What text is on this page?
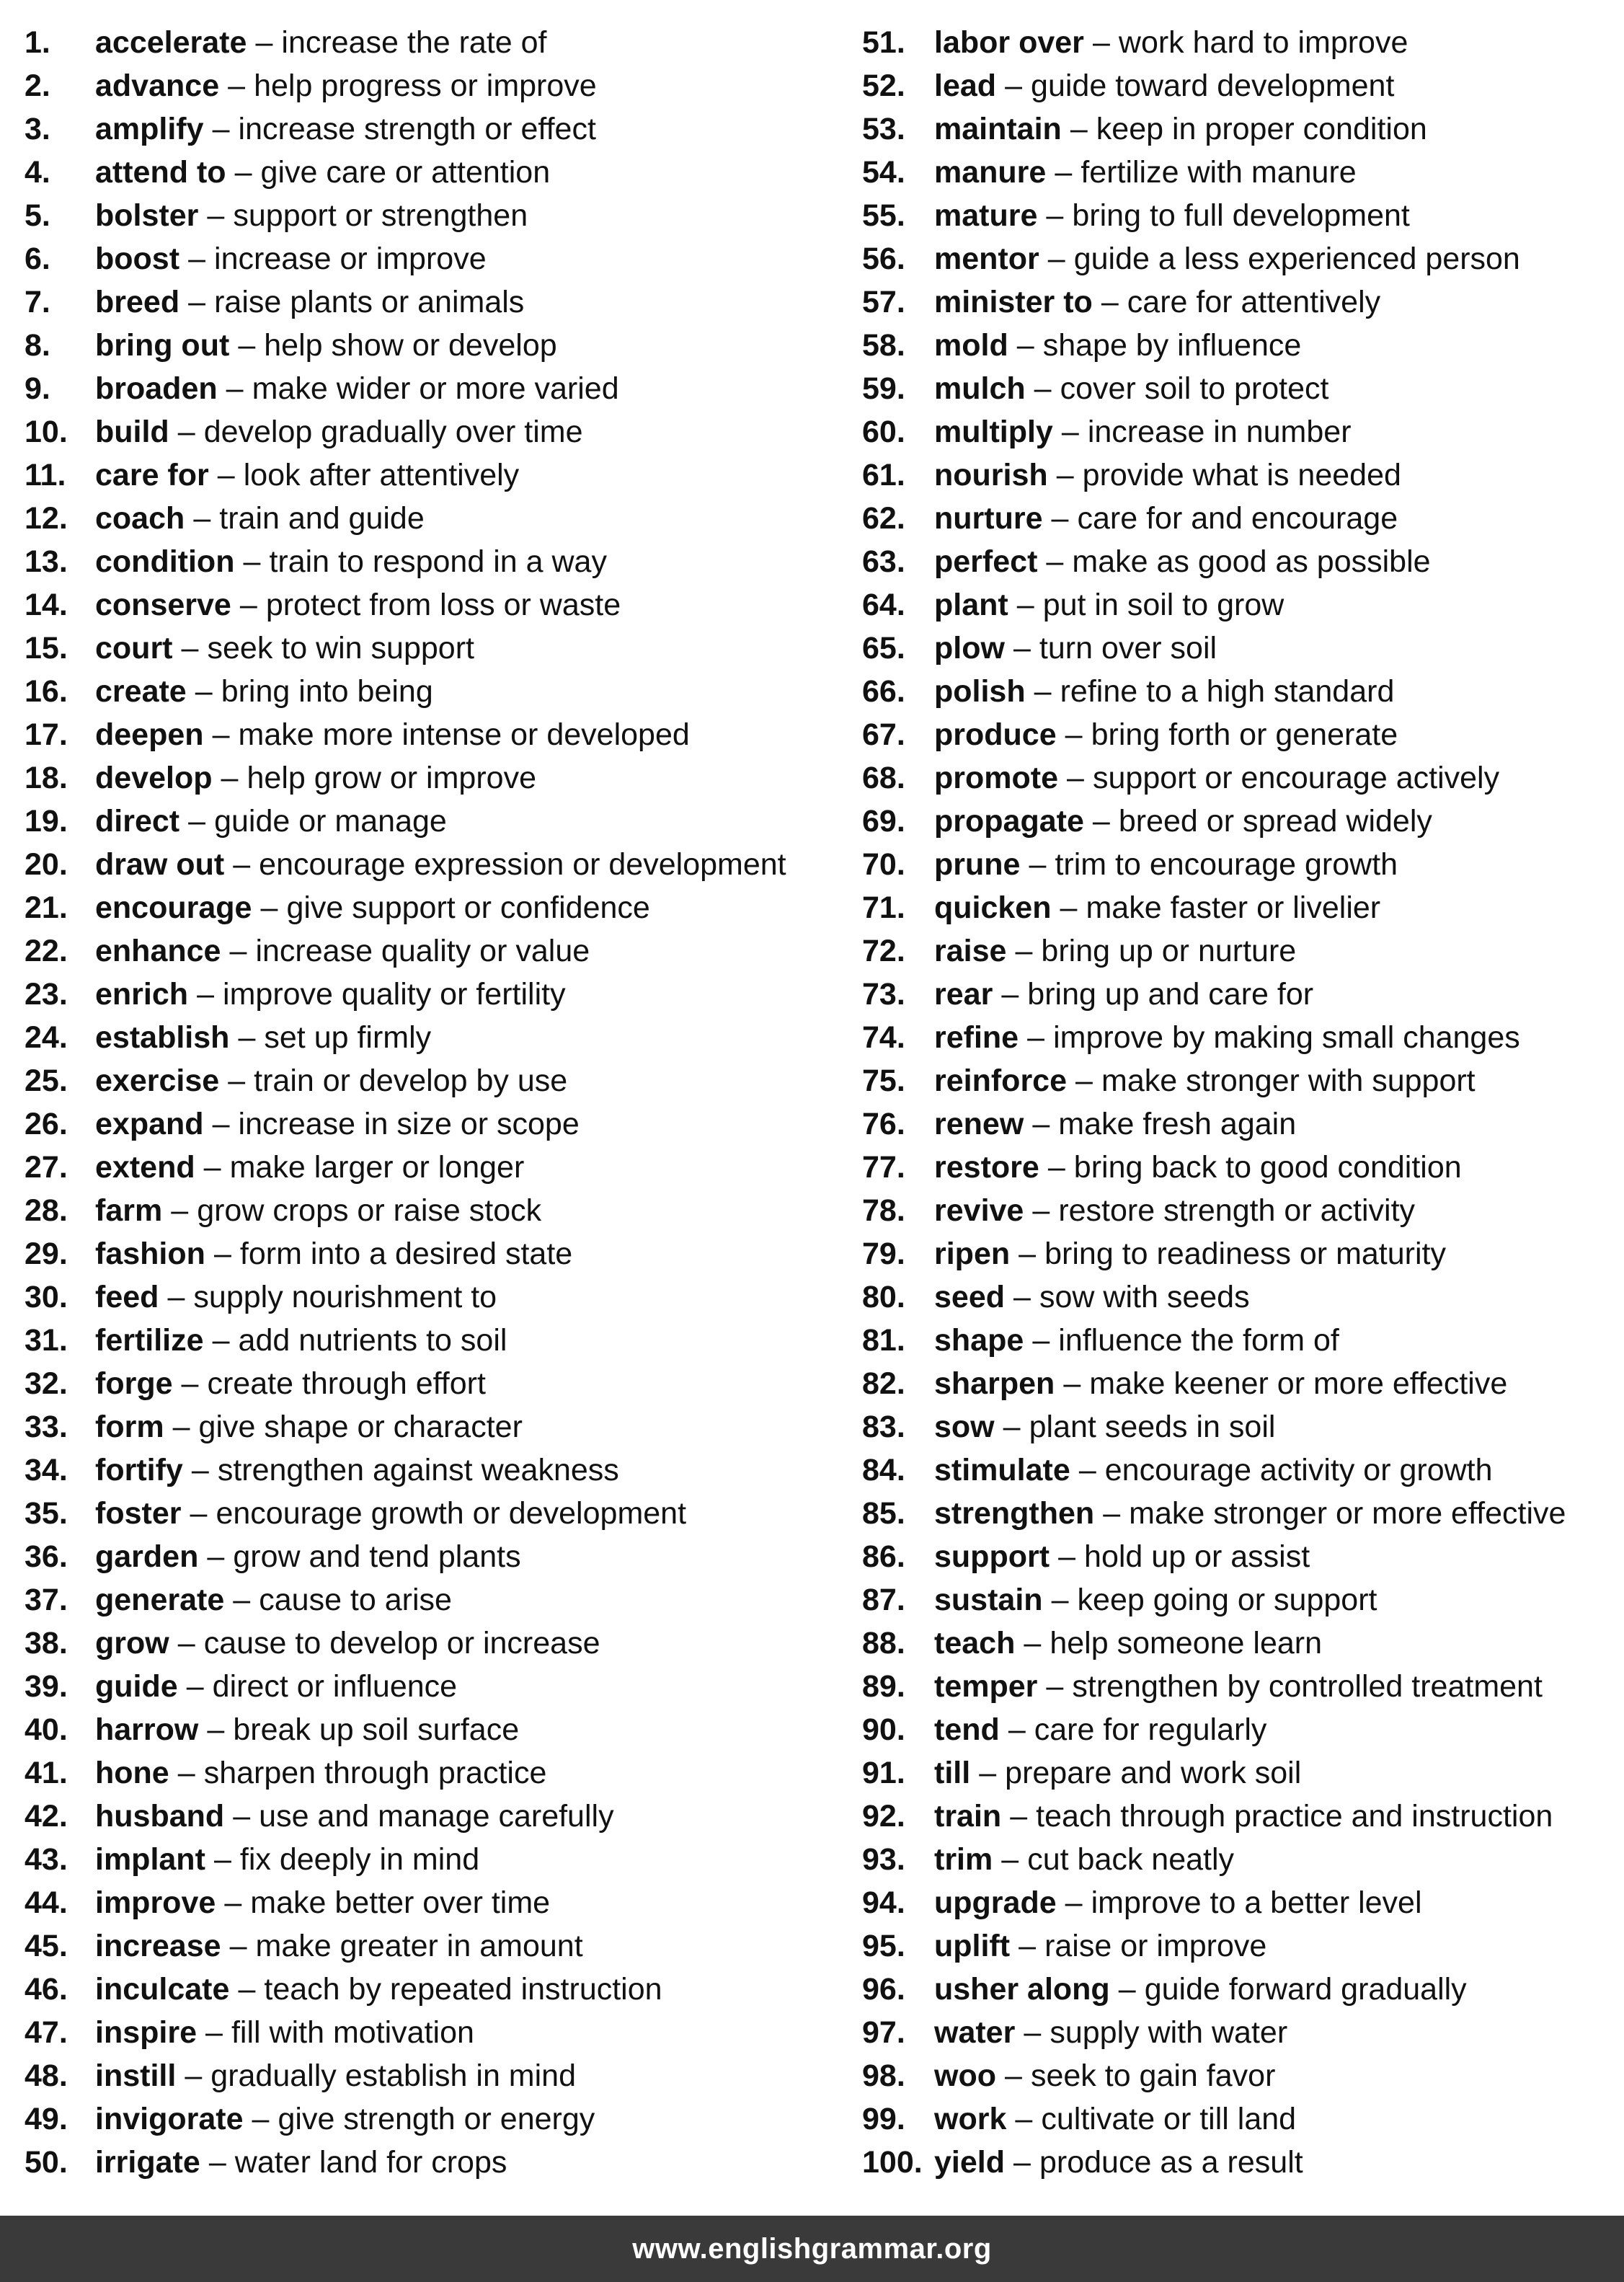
1.	accelerate – increase the rate of
2.	advance – help progress or improve
3.	amplify – increase strength or effect
4.	attend to – give care or attention
5.	bolster – support or strengthen
6.	boost – increase or improve
7.	breed – raise plants or animals
8.	bring out – help show or develop
9.	broaden – make wider or more varied
10. build – develop gradually over time
11. care for – look after attentively
12. coach – train and guide
13. condition – train to respond in a way
14. conserve – protect from loss or waste
15. court – seek to win support
16. create – bring into being
17. deepen – make more intense or developed
18. develop – help grow or improve
19. direct – guide or manage
20. draw out – encourage expression or development
21. encourage – give support or confidence
22. enhance – increase quality or value
23. enrich – improve quality or fertility
24. establish – set up firmly
25. exercise – train or develop by use
26. expand – increase in size or scope
27. extend – make larger or longer
28. farm – grow crops or raise stock
29. fashion – form into a desired state
30. feed – supply nourishment to
31. fertilize – add nutrients to soil
32. forge – create through effort
33. form – give shape or character
34. fortify – strengthen against weakness
35. foster – encourage growth or development
36. garden – grow and tend plants
37. generate – cause to arise
38. grow – cause to develop or increase
39. guide – direct or influence
40. harrow – break up soil surface
41. hone – sharpen through practice
42. husband – use and manage carefully
43. implant – fix deeply in mind
44. improve – make better over time
45. increase – make greater in amount
46. inculcate – teach by repeated instruction
47. inspire – fill with motivation
48. instill – gradually establish in mind
49. invigorate – give strength or energy
50. irrigate – water land for crops
51. labor over – work hard to improve
52. lead – guide toward development
53. maintain – keep in proper condition
54. manure – fertilize with manure
55. mature – bring to full development
56. mentor – guide a less experienced person
57. minister to – care for attentively
58. mold – shape by influence
59. mulch – cover soil to protect
60. multiply – increase in number
61. nourish – provide what is needed
62. nurture – care for and encourage
63. perfect – make as good as possible
64. plant – put in soil to grow
65. plow – turn over soil
66. polish – refine to a high standard
67. produce – bring forth or generate
68. promote – support or encourage actively
69. propagate – breed or spread widely
70. prune – trim to encourage growth
71. quicken – make faster or livelier
72. raise – bring up or nurture
73. rear – bring up and care for
74. refine – improve by making small changes
75. reinforce – make stronger with support
76. renew – make fresh again
77. restore – bring back to good condition
78. revive – restore strength or activity
79. ripen – bring to readiness or maturity
80. seed – sow with seeds
81. shape – influence the form of
82. sharpen – make keener or more effective
83. sow – plant seeds in soil
84. stimulate – encourage activity or growth
85. strengthen – make stronger or more effective
86. support – hold up or assist
87. sustain – keep going or support
88. teach – help someone learn
89. temper – strengthen by controlled treatment
90. tend – care for regularly
91. till – prepare and work soil
92. train – teach through practice and instruction
93. trim – cut back neatly
94. upgrade – improve to a better level
95. uplift – raise or improve
96. usher along – guide forward gradually
97. water – supply with water
98. woo – seek to gain favor
99. work – cultivate or till land
100. yield – produce as a result
www.englishgrammar.org
